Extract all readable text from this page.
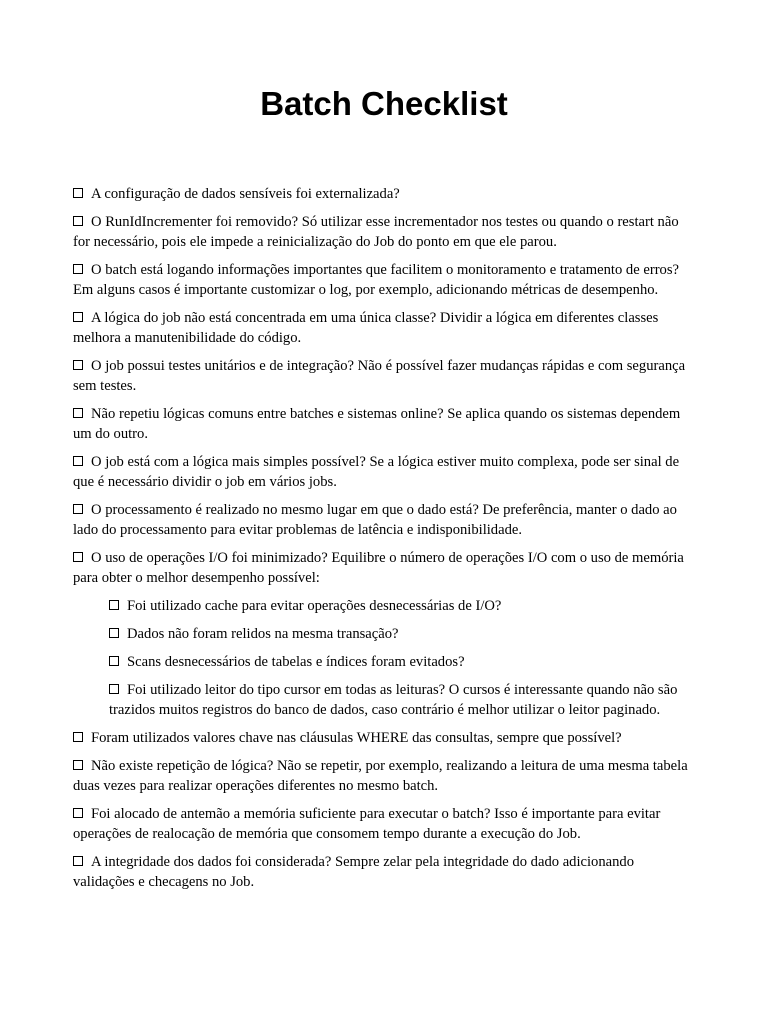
Batch Checklist
A configuração de dados sensíveis foi externalizada?
O RunIdIncrementer foi removido? Só utilizar esse incrementador nos testes ou quando o restart não for necessário, pois ele impede a reinicialização do Job do ponto em que ele parou.
O batch está logando informações importantes que facilitem o monitoramento e tratamento de erros? Em alguns casos é importante customizar o log, por exemplo, adicionando métricas de desempenho.
A lógica do job não está concentrada em uma única classe? Dividir a lógica em diferentes classes melhora a manutenibilidade do código.
O job possui testes unitários e de integração? Não é possível fazer mudanças rápidas e com segurança sem testes.
Não repetiu lógicas comuns entre batches e sistemas online? Se aplica quando os sistemas dependem um do outro.
O job está com a lógica mais simples possível? Se a lógica estiver muito complexa, pode ser sinal de que é necessário dividir o job em vários jobs.
O processamento é realizado no mesmo lugar em que o dado está? De preferência, manter o dado ao lado do processamento para evitar problemas de latência e indisponibilidade.
O uso de operações I/O foi minimizado? Equilibre o número de operações I/O com o uso de memória para obter o melhor desempenho possível:
Foi utilizado cache para evitar operações desnecessárias de I/O?
Dados não foram relidos na mesma transação?
Scans desnecessários de tabelas e índices foram evitados?
Foi utilizado leitor do tipo cursor em todas as leituras? O cursos é interessante quando não são trazidos muitos registros do banco de dados, caso contrário é melhor utilizar o leitor paginado.
Foram utilizados valores chave nas cláusulas WHERE das consultas, sempre que possível?
Não existe repetição de lógica? Não se repetir, por exemplo, realizando a leitura de uma mesma tabela duas vezes para realizar operações diferentes no mesmo batch.
Foi alocado de antemão a memória suficiente para executar o batch? Isso é importante para evitar operações de realocação de memória que consomem tempo durante a execução do Job.
A integridade dos dados foi considerada? Sempre zelar pela integridade do dado adicionando validações e checagens no Job.
